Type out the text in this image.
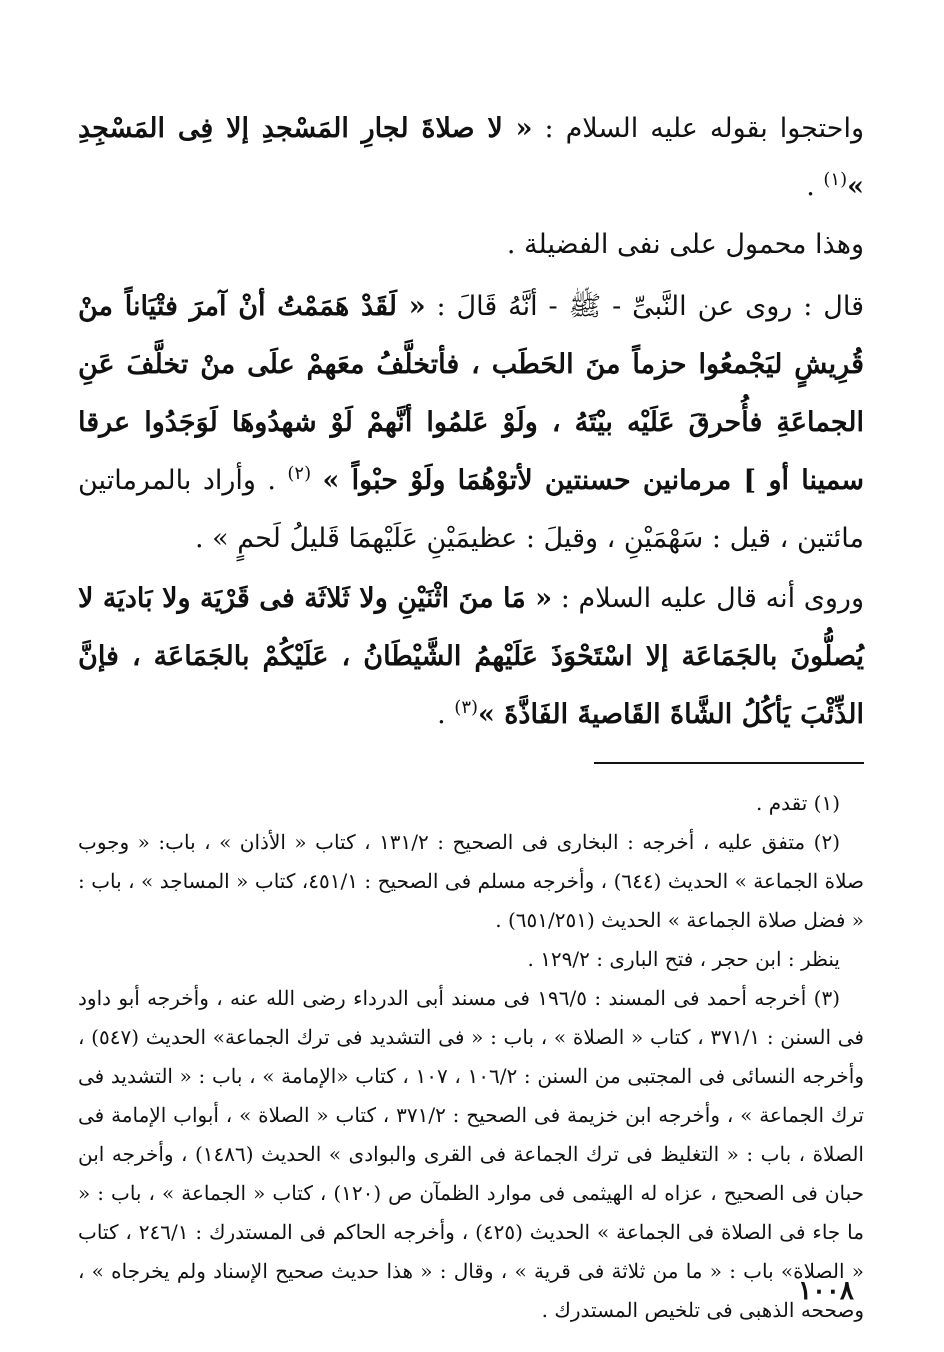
واحتجوا بقوله عليه السلام : « لا صلاةَ لجارِ المَسْجدِ إلا فِى المَسْجِدِ »$^{(١)}$ .

وهذا محمول على نفى الفضيلة .

قال : روى عن النَّبىِّ - ﷺ - أنَّهُ قَالَ : « لَقَدْ هَمَمْتُ أنْ آمرَ فتْيَاناً منْ قُرِيشٍ ليَجْمعُوا حزماً منَ الحَطَب ، فأتخلَّفُ معَهمْ علَى منْ تخلَّفَ عَنِ الجماعَةِ فأُحرقَ عَلَيْه بيْتَهُ ، ولَوْ عَلمُوا أنَّهمْ لَوْ شهدُوهَا لَوَجَدُوا عرقا سمينا أو ] مرمانين حسنتين لأتوْهُمَا ولَوْ حبْواً » $^{(٢)}$ . وأراد بالمرماتين مائتين ، قيل : سَهْمَيْنِ ، وقيلَ : عظيمَيْنِ عَلَيْهمَا قَليلُ لَحمٍ » .

وروى أنه قال عليه السلام : « مَا منَ اثْنَيْنِ ولا ثَلاثَة فى قَرْيَة ولا بَاديَة لا يُصلُّونَ بالجَمَاعَة إلا اسْتَحْوَذَ عَلَيْهمُ الشَّيْطَانُ ، عَلَيْكُمْ بالجَمَاعَة ، فإنَّ الذِّئْبَ يَأكُلُ الشَّاةَ القَاصيةَ الفَاذَّةَ »$^{(٣)}$ .

(١) تقدم .

(٢) متفق عليه ، أخرجه : البخارى فى الصحيح : ١٣١/٢ ، كتاب « الأذان » ، باب: « وجوب صلاة الجماعة » الحديث (٦٤٤) ، وأخرجه مسلم فى الصحيح : ٤٥١/١، كتاب « المساجد » ، باب : « فضل صلاة الجماعة » الحديث (٦٥١/٢٥١) .

ينظر : ابن حجر ، فتح البارى : ١٢٩/٢ .

(٣) أخرجه أحمد فى المسند : ١٩٦/٥ فى مسند أبى الدرداء رضى الله عنه ، وأخرجه أبو داود فى السنن : ٣٧١/١ ، كتاب « الصلاة » ، باب : « فى التشديد فى ترك الجماعة» الحديث (٥٤٧) ، وأخرجه النسائى فى المجتبى من السنن : ١٠٦/٢ ، ١٠٧ ، كتاب «الإمامة » ، باب : « التشديد فى ترك الجماعة » ، وأخرجه ابن خزيمة فى الصحيح : ٣٧١/٢ ، كتاب « الصلاة » ، أبواب الإمامة فى الصلاة ، باب : « التغليظ فى ترك الجماعة فى القرى والبوادى » الحديث (١٤٨٦) ، وأخرجه ابن حبان فى الصحيح ، عزاه له الهيثمى فى موارد الظمآن ص (١٢٠) ، كتاب « الجماعة » ، باب : « ما جاء فى الصلاة فى الجماعة » الحديث (٤٢٥) ، وأخرجه الحاكم فى المستدرك : ٢٤٦/١ ، كتاب « الصلاة» باب : « ما من ثلاثة فى قرية » ، وقال : « هذا حديث صحيح الإسناد ولم يخرجاه » ، وصححه الذهبى فى تلخيص المستدرك .

١٠٠٨
